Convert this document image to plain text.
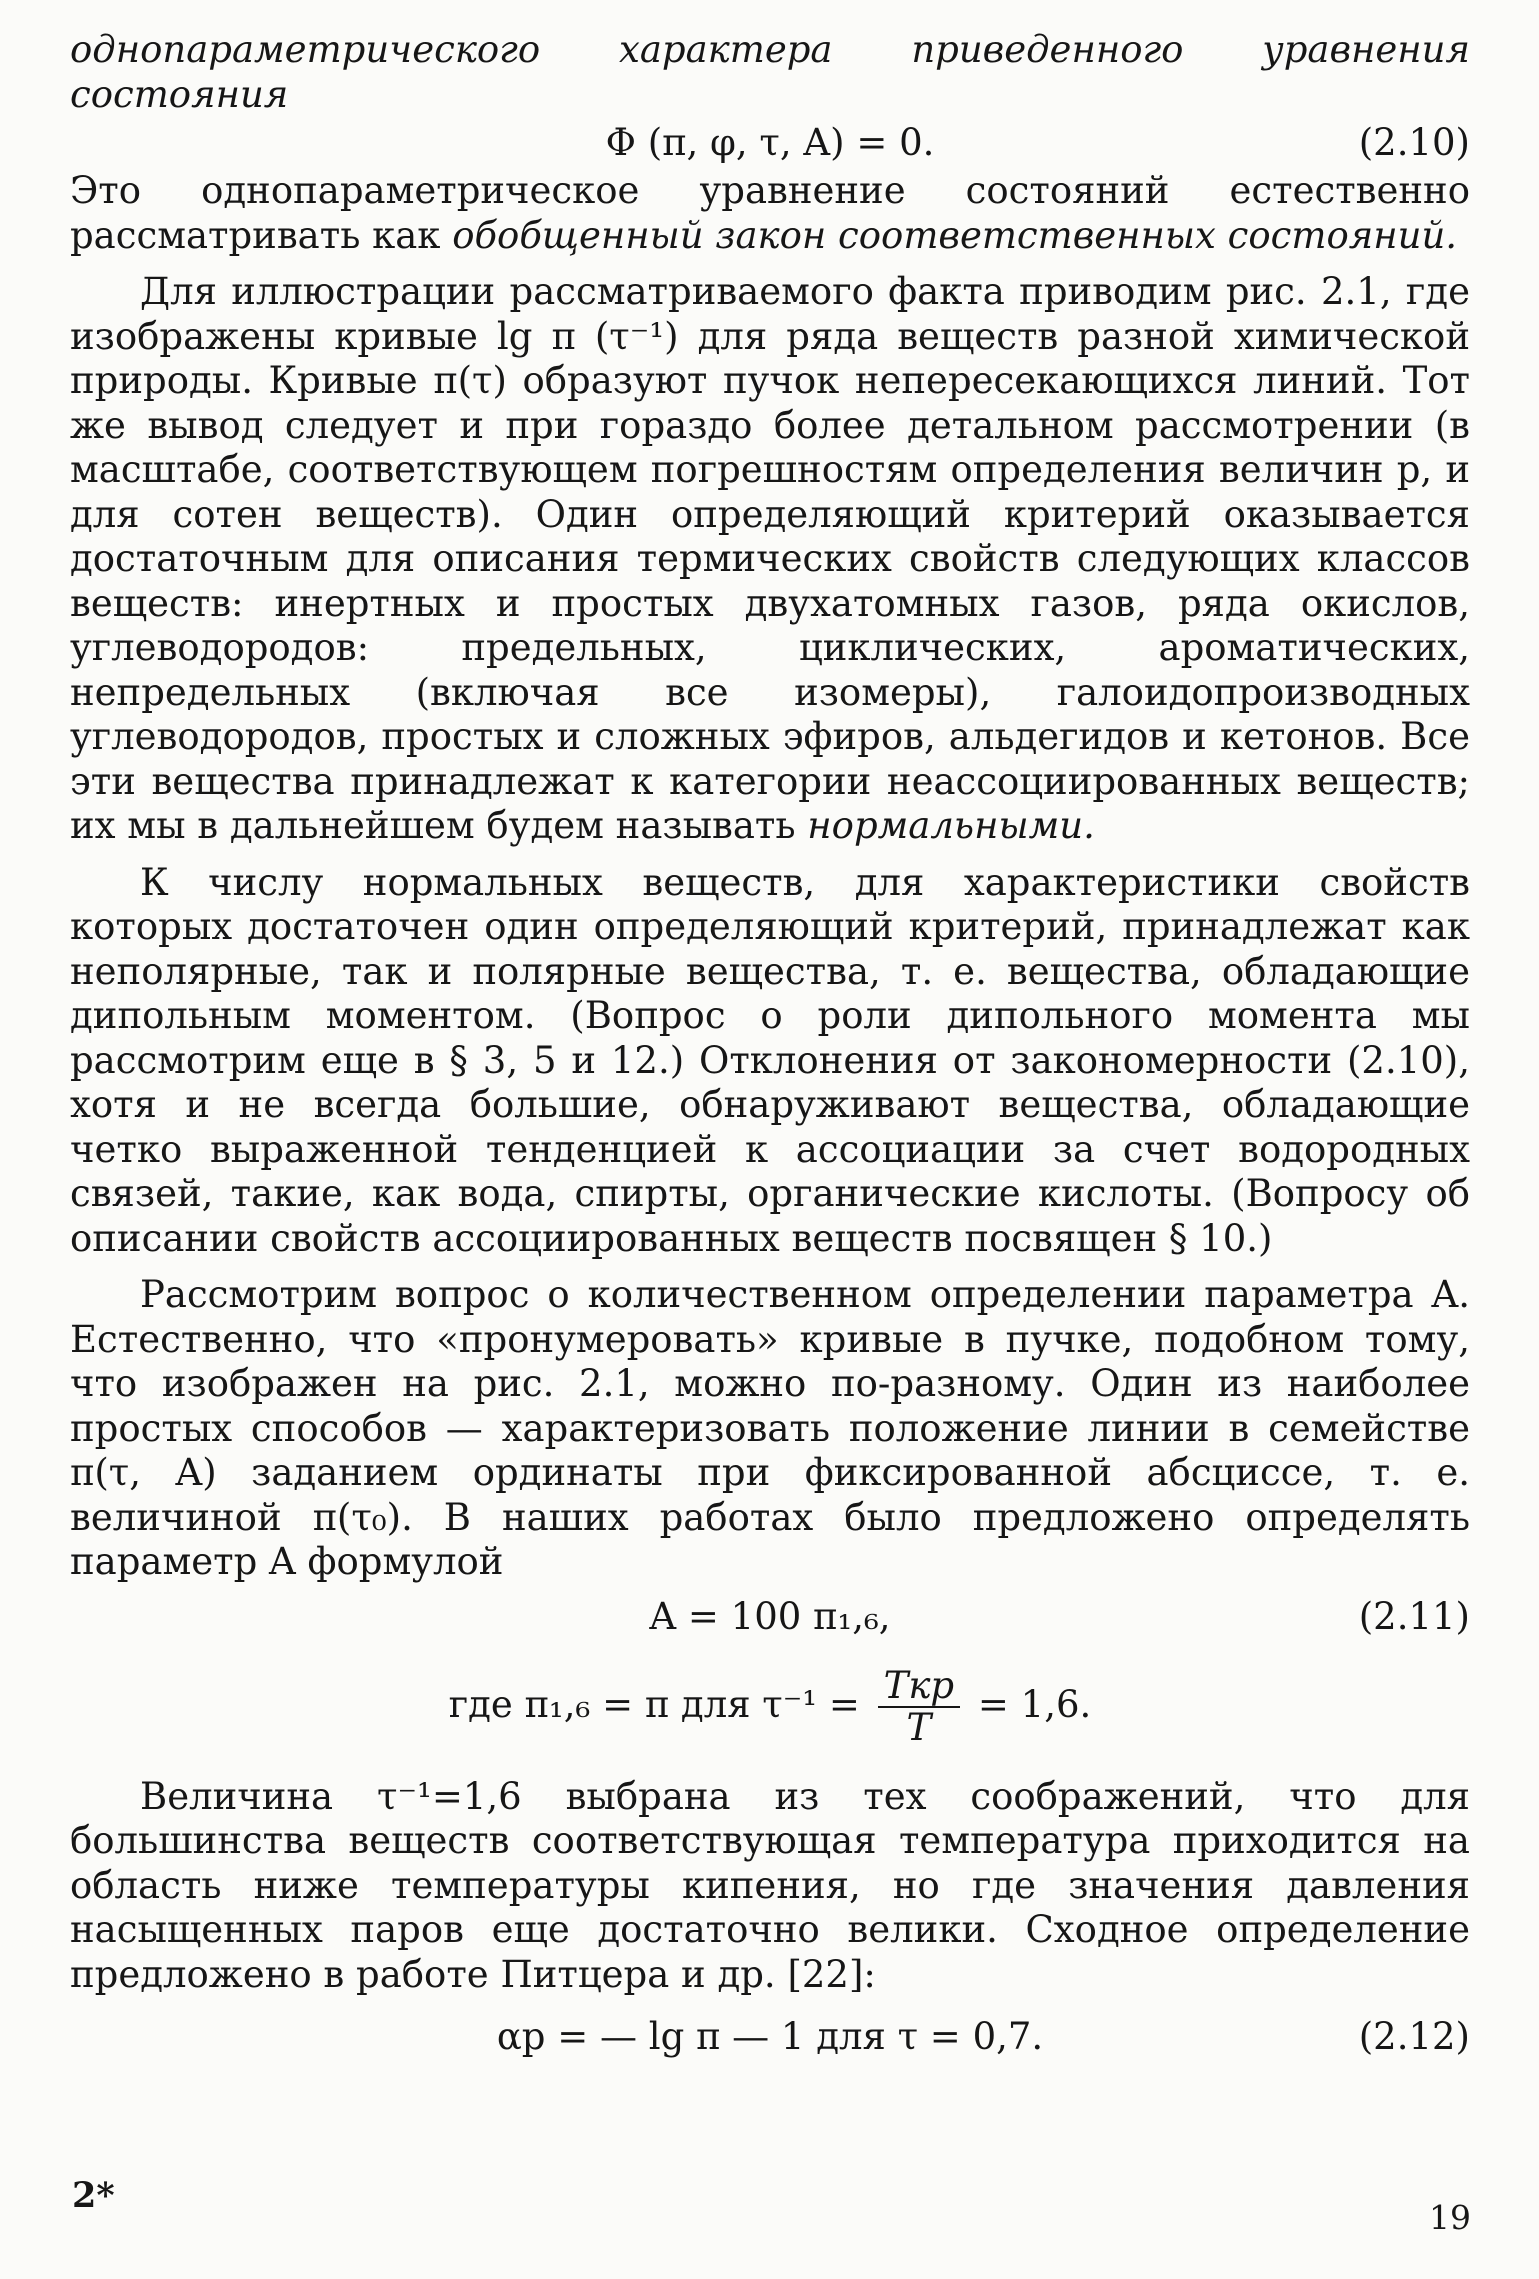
однопараметрического характера приведенного уравнения состояния

Φ (π, φ, τ, A) = 0.	(2.10)

Это однопараметрическое уравнение состояний естественно рассматривать как обобщенный закон соответственных состояний.

Для иллюстрации рассматриваемого факта приводим рис. 2.1, где изображены кривые lg π (τ⁻¹) для ряда веществ разной химической природы. Кривые π(τ) образуют пучок непересекающихся линий. Тот же вывод следует и при гораздо более детальном рассмотрении (в масштабе, соответствующем погрешностям определения величин p, и для сотен веществ). Один определяющий критерий оказывается достаточным для описания термических свойств следующих классов веществ: инертных и простых двухатомных газов, ряда окислов, углеводородов: предельных, циклических, ароматических, непредельных (включая все изомеры), галоидопроизводных углеводородов, простых и сложных эфиров, альдегидов и кетонов. Все эти вещества принадлежат к категории неассоциированных веществ; их мы в дальнейшем будем называть нормальными.

К числу нормальных веществ, для характеристики свойств которых достаточен один определяющий критерий, принадлежат как неполярные, так и полярные вещества, т. е. вещества, обладающие дипольным моментом. (Вопрос о роли дипольного момента мы рассмотрим еще в § 3, 5 и 12.) Отклонения от закономерности (2.10), хотя и не всегда большие, обнаруживают вещества, обладающие четко выраженной тенденцией к ассоциации за счет водородных связей, такие, как вода, спирты, органические кислоты. (Вопросу об описании свойств ассоциированных веществ посвящен § 10.)

Рассмотрим вопрос о количественном определении параметра A. Естественно, что «пронумеровать» кривые в пучке, подобном тому, что изображен на рис. 2.1, можно по-разному. Один из наиболее простых способов — характеризовать положение линии в семействе π(τ, A) заданием ординаты при фиксированной абсциссе, т. е. величиной π(τ₀). В наших работах было предложено определять параметр A формулой

A = 100 π₁,₆,	(2.11)
где π₁,₆ = π для $\tau^{-1} = \frac{\text{Tкр}}{T} = 1,6$.

Величина τ⁻¹=1,6 выбрана из тех соображений, что для большинства веществ соответствующая температура приходится на область ниже температуры кипения, но где значения давления насыщенных паров еще достаточно велики. Сходное определение предложено в работе Питцера и др. [22]:

αp = — lg π — 1 для τ = 0,7.	(2.12)
2*
19
